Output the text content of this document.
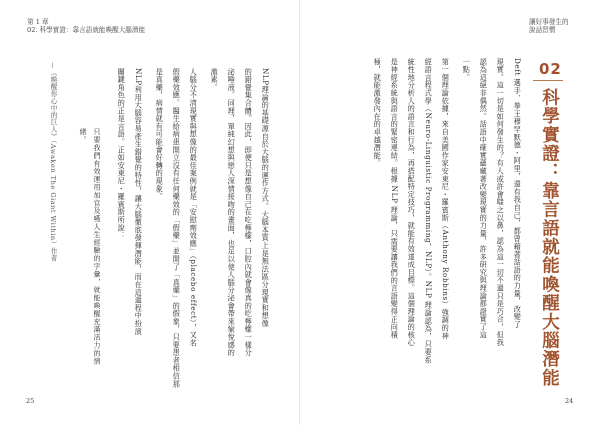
第 1 章
02. 科學實證：靠言語就能喚醒大腦潛能
NLP理論的基礎源自於大腦的運作方式。大腦本質上是無法區分現實和想像
的錯覺集合體。因此，即便只是想像自己在吃檸檬，口腔內就會像真的吃檸檬一樣分
泌唾液。同理，單純幻想與戀人深情接吻的畫面，也足以使人腦分泌會帶來愉悅感的
激素。
人腦分不清現實與想像的最佳案例就是「安慰劑效應」（placebo effect），又名
假藥效應。醫生給病患開立沒有任何藥效的「假藥」並開了「真藥」的假象，只要患者相信那
是真藥，病情就有可能會好轉的現象。
NLP利用大腦容易產生錯覺的特性，讓大腦徹底發揮潛能，而在這過程中扮演
關鍵角色的正是言語。正如安東尼・羅賓斯所說：
只要我們有效運用加官及嚥人生經驗的字彙，就能喚醒充滿活力的情
緒。
—《喚醒你心中的巨人》（Awaken The Giant Within）作者
25	24
讓好事發生的
說話習慣
02
科學實證：靠言語就能喚醒大腦潛能
Deft 選手、拳王穆罕默德・阿里，還有我自己，都曾藉著話語的力量，改變了
現實。這一切是如何發生的？有人或許會嗤之以鼻，認為這一切不過只是巧合，但我
認為這絕非偶然。話語中確實蘊藏著改變現實的力量，許多研究與理論都證實了這
一點。
第一個理論依據，來自美國作家安東尼・羅賓斯（Anthony Robbins）強調的神
經語言程式學（Neuro-Linguistic Programming，NLP）。NLP 理論認為，只要系
統性地分析人的語言和行為，再搭配特定技巧，就能有效達成目標。這個理論的核心
是神經系統與語言的緊密連結。根據 NLP 理論，只需要讓我們的言語變得正向積
極，就能激發內在的卓越潛能。
